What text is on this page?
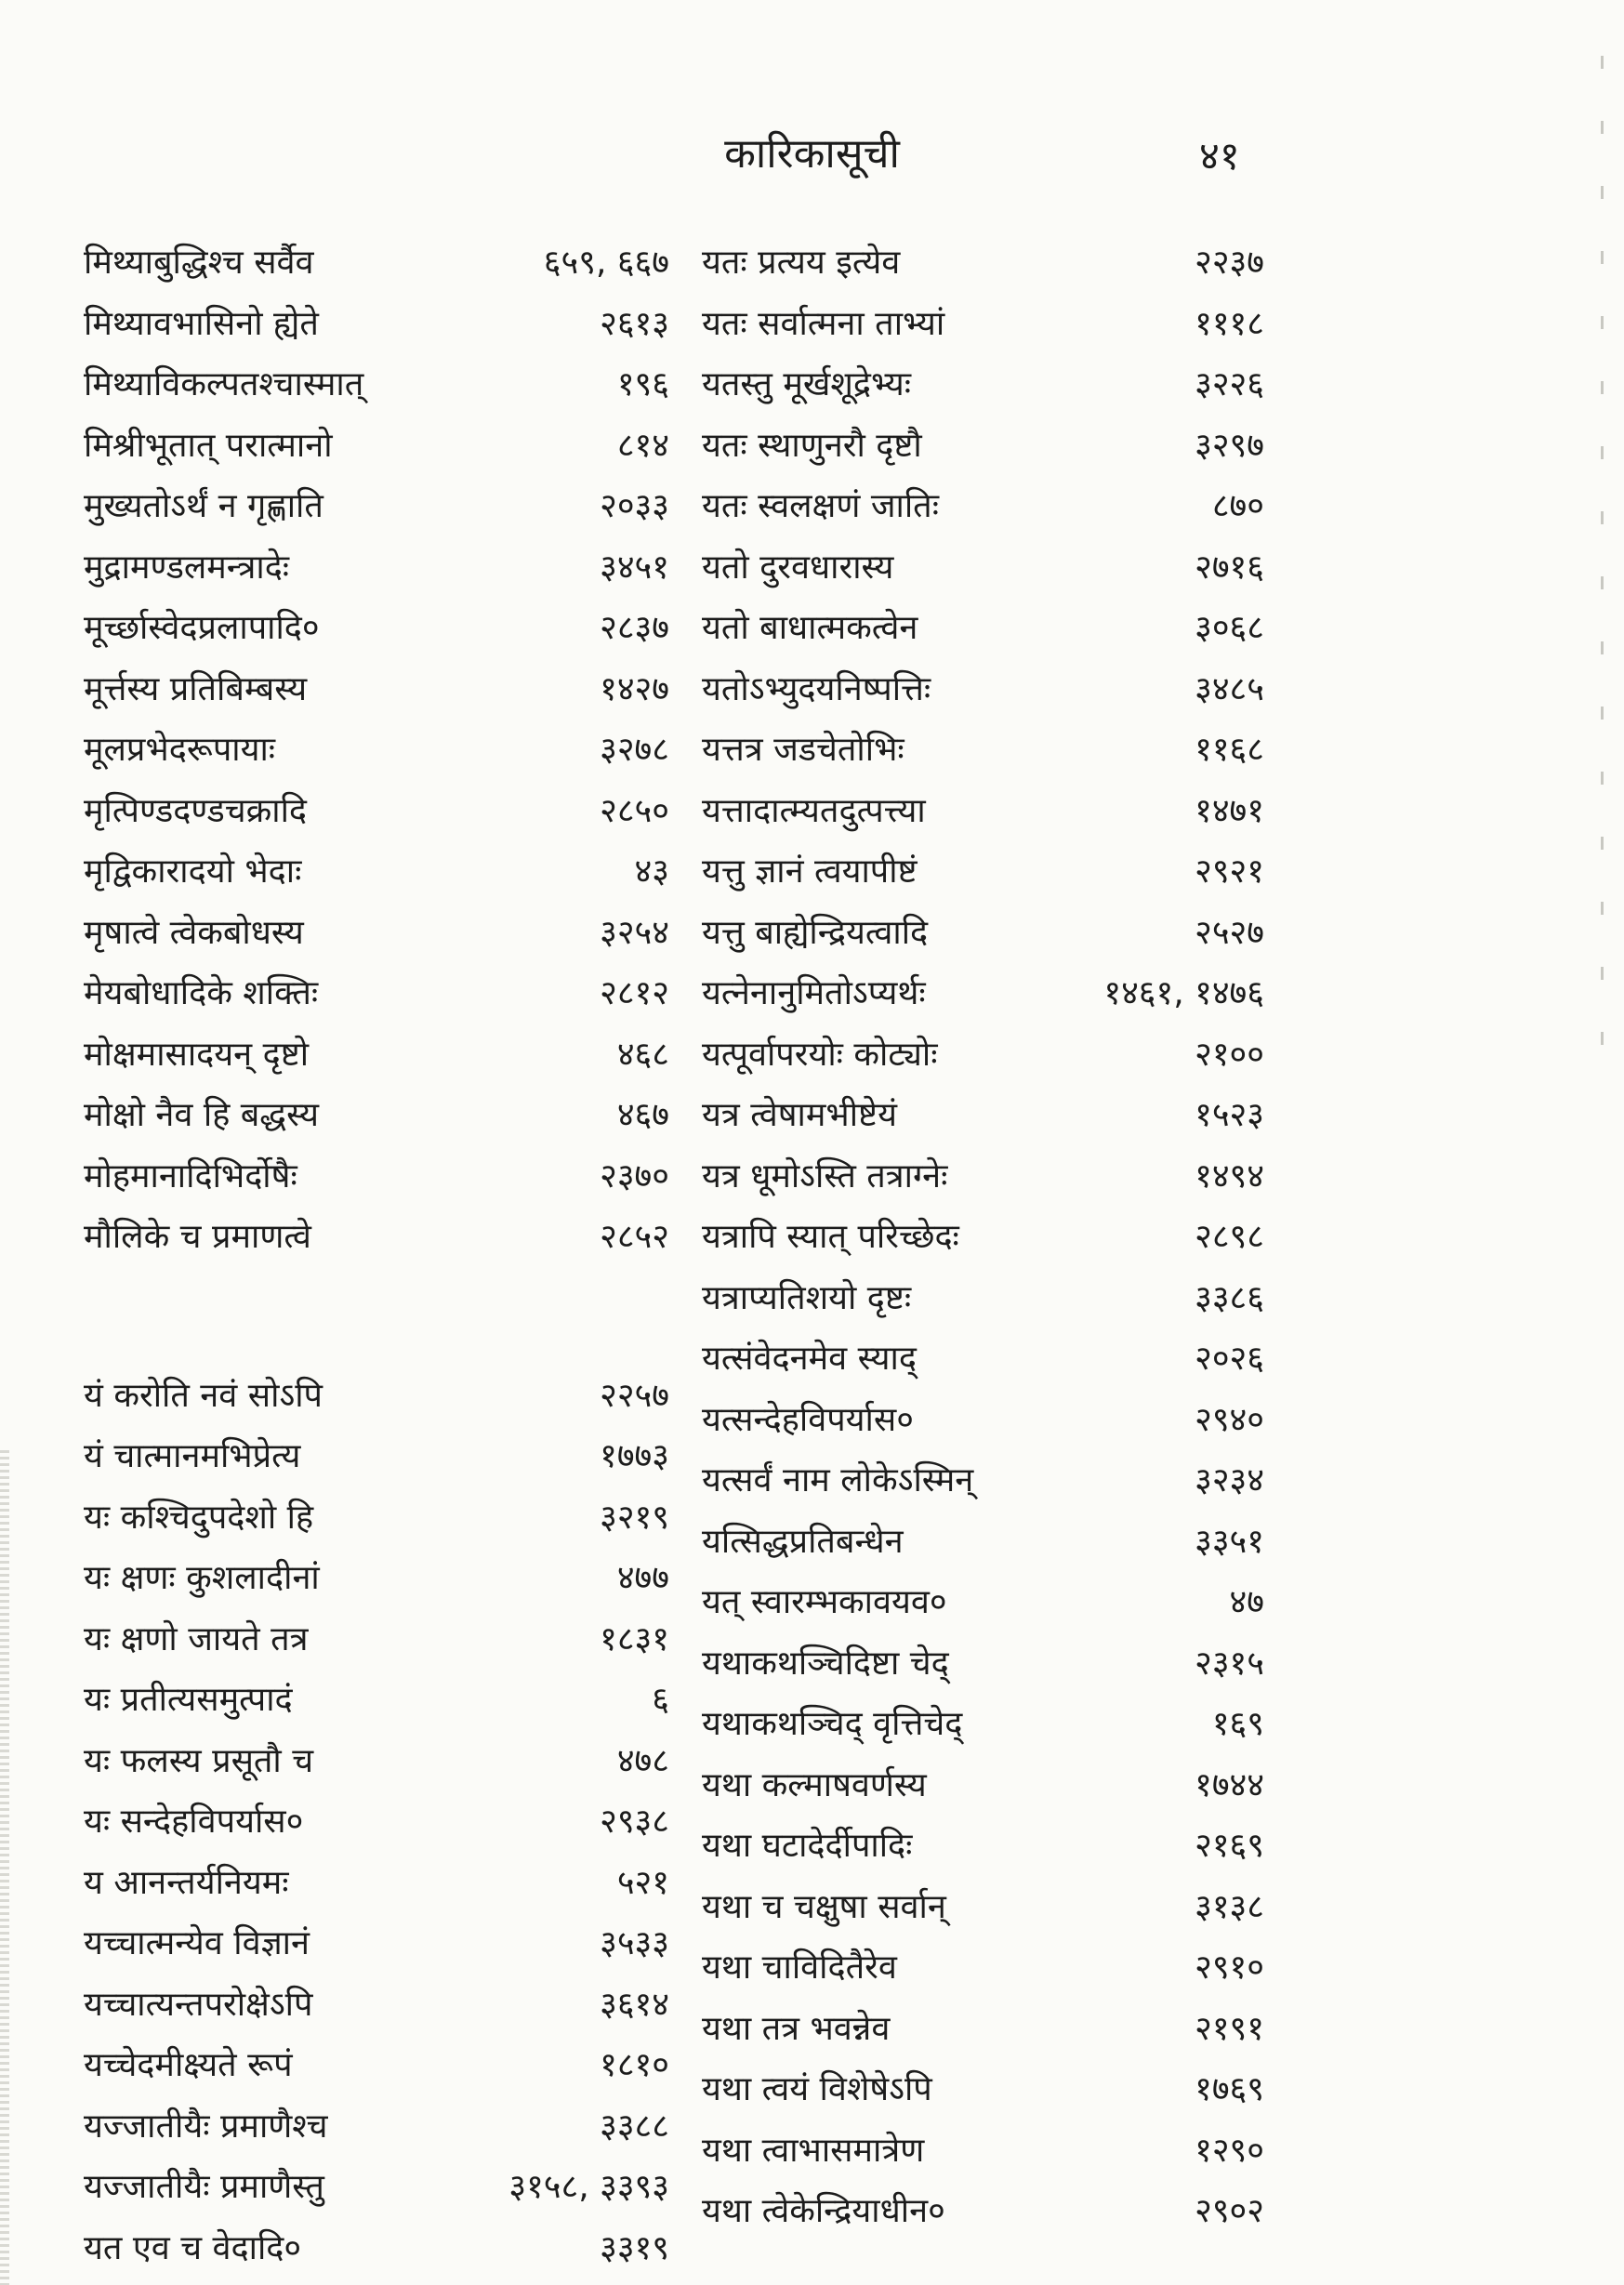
कारिकासूची	४१
मिथ्याबुद्धिश्च सर्वैव	६५९, ६६७
मिथ्यावभासिनो ह्येते	२६१३
मिथ्याविकल्पतश्चास्मात्	१९६
मिश्रीभूतात् परात्मानो	८१४
मुख्यतोऽर्थं न गृह्णाति	२०३३
मुद्रामण्डलमन्त्रादेः	३४५१
मूर्च्छास्वेदप्रलापादि०	२८३७
मूर्त्तस्य प्रतिबिम्बस्य	१४२७
मूलप्रभेदरूपायाः	३२७८
मृत्पिण्डदण्डचक्रादि	२८५०
मृद्विकारादयो भेदाः	४३
मृषात्वे त्वेकबोधस्य	३२५४
मेयबोधादिके शक्तिः	२८१२
मोक्षमासादयन् दृष्टो	४६८
मोक्षो नैव हि बद्धस्य	४६७
मोहमानादिभिर्दोषैः	२३७०
मौलिके च प्रमाणत्वे	२८५२
यं करोति नवं सोऽपि	२२५७
यं चात्मानमभिप्रेत्य	१७७३
यः कश्चिदुपदेशो हि	३२१९
यः क्षणः कुशलादीनां	४७७
यः क्षणो जायते तत्र	१८३१
यः प्रतीत्यसमुत्पादं	६
यः फलस्य प्रसूतौ च	४७८
यः सन्देहविपर्यास०	२९३८
य आनन्तर्यनियमः	५२१
यच्चात्मन्येव विज्ञानं	३५३३
यच्चात्यन्तपरोक्षेऽपि	३६१४
यच्चेदमीक्ष्यते रूपं	१८१०
यज्जातीयैः प्रमाणैश्च	३३८८
यज्जातीयैः प्रमाणैस्तु	३१५८, ३३९३
यत एव च वेदादि०	३३१९
यतः प्रत्यय इत्येव	२२३७
यतः सर्वात्मना ताभ्यां	१११८
यतस्तु मूर्खशूद्रेभ्यः	३२२६
यतः स्थाणुनरौ दृष्टौ	३२९७
यतः स्वलक्षणं जातिः	८७०
यतो दुरवधारास्य	२७१६
यतो बाधात्मकत्वेन	३०६८
यतोऽभ्युदयनिष्पत्तिः	३४८५
यत्तत्र जडचेतोभिः	११६८
यत्तादात्म्यतदुत्पत्त्या	१४७१
यत्तु ज्ञानं त्वयापीष्टं	२९२१
यत्तु बाह्येन्द्रियत्वादि	२५२७
यत्नेनानुमितोऽप्यर्थः	१४६१, १४७६
यत्पूर्वापरयोः कोट्योः	२१००
यत्र त्वेषामभीष्टेयं	१५२३
यत्र धूमोऽस्ति तत्राग्नेः	१४९४
यत्रापि स्यात् परिच्छेदः	२८९८
यत्राप्यतिशयो दृष्टः	३३८६
यत्संवेदनमेव स्याद्	२०२६
यत्सन्देहविपर्यास०	२९४०
यत्सर्वं नाम लोकेऽस्मिन्	३२३४
यत्सिद्धप्रतिबन्धेन	३३५१
यत् स्वारम्भकावयव०	४७
यथाकथञ्चिदिष्टा चेद्	२३१५
यथाकथञ्चिद् वृत्तिचेद्	१६९
यथा कल्माषवर्णस्य	१७४४
यथा घटादेर्दीपादिः	२१६९
यथा च चक्षुषा सर्वान्	३१३८
यथा चाविदितैरेव	२९१०
यथा तत्र भवन्नेव	२१९१
यथा त्वयं विशेषेऽपि	१७६९
यथा त्वाभासमात्रेण	१२९०
यथा त्वेकेन्द्रियाधीन०	२९०२
